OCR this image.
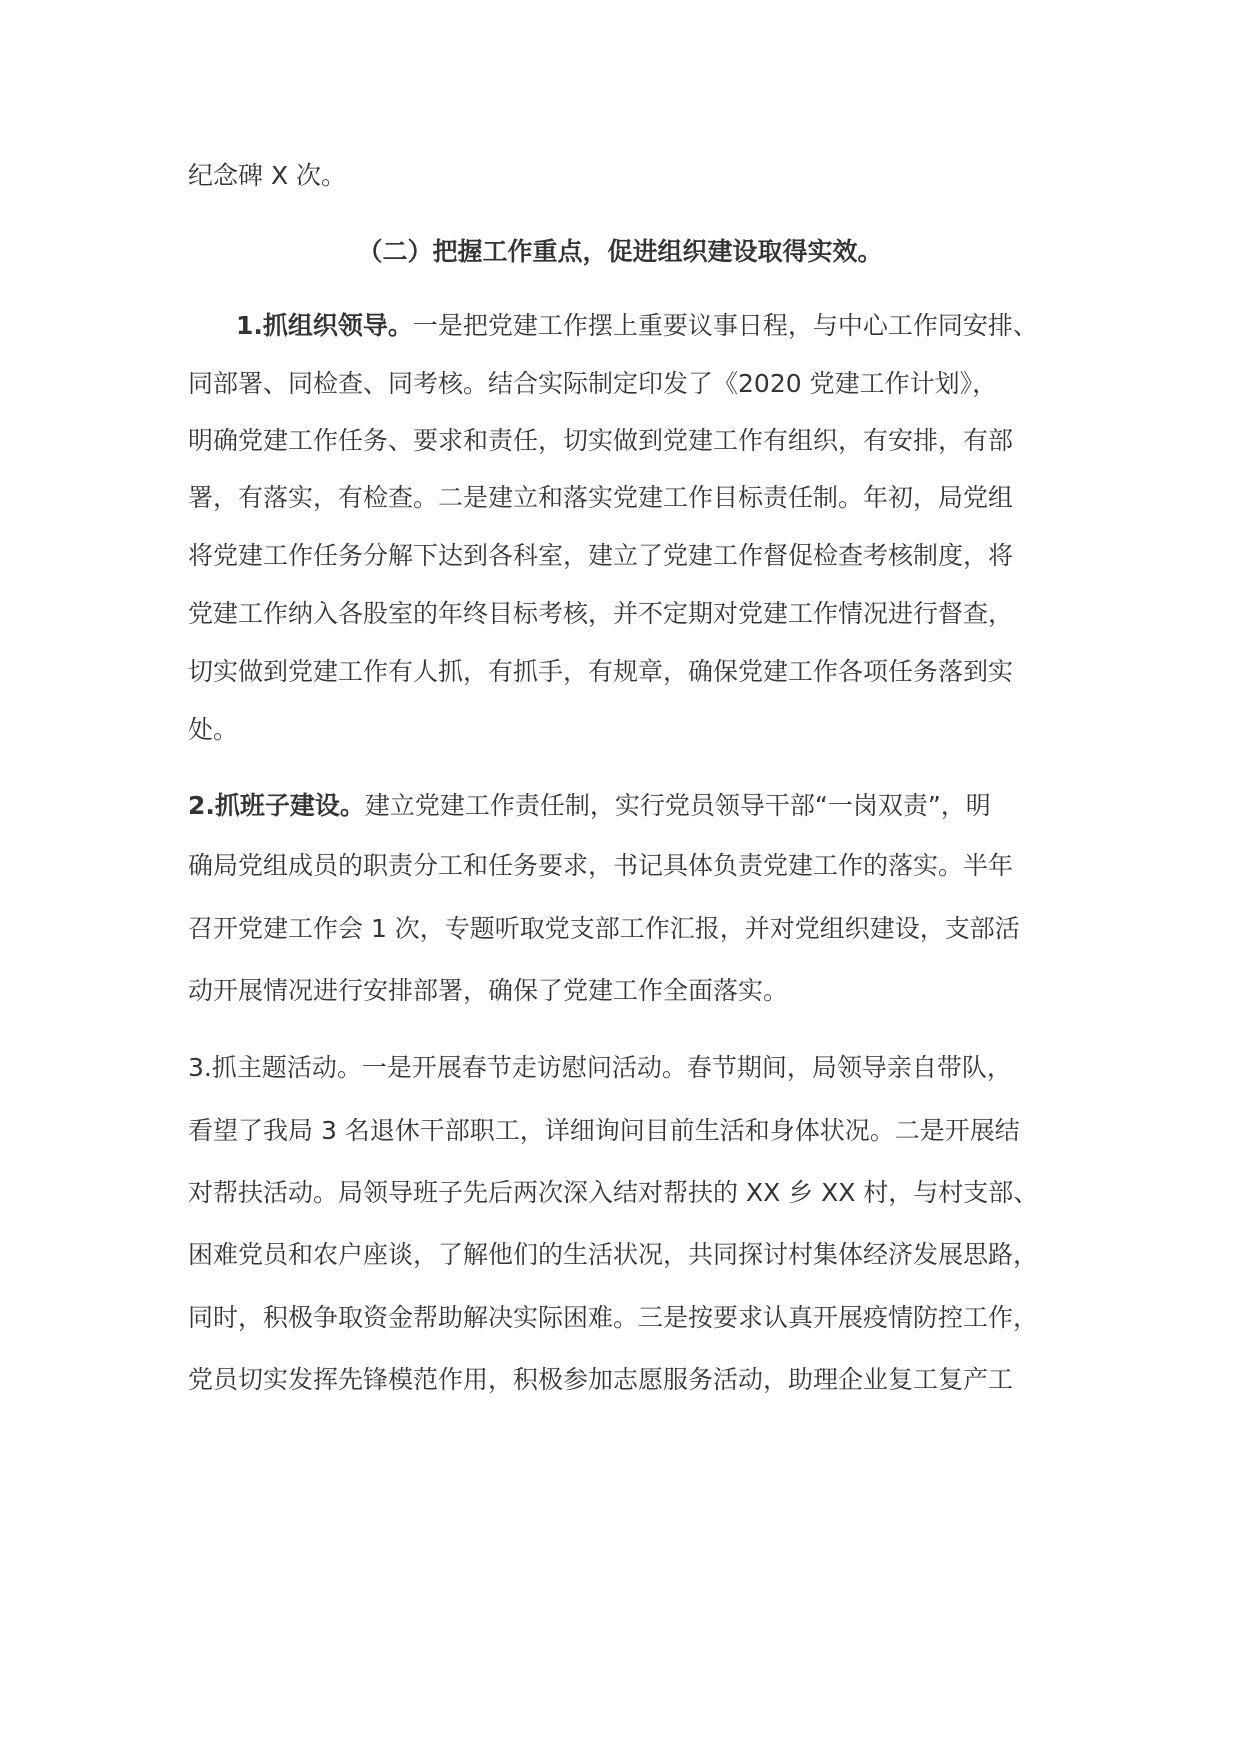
纪念碑 X 次。

（二）把握工作重点，促进组织建设取得实效。

1.抓组织领导。一是把党建工作摆上重要议事日程，与中心工作同安排、

同部署、同检查、同考核。结合实际制定印发了《2020 党建工作计划》，

明确党建工作任务、要求和责任，切实做到党建工作有组织，有安排，有部

署，有落实，有检查。二是建立和落实党建工作目标责任制。年初，局党组

将党建工作任务分解下达到各科室，建立了党建工作督促检查考核制度，将

党建工作纳入各股室的年终目标考核，并不定期对党建工作情况进行督查，

切实做到党建工作有人抓，有抓手，有规章，确保党建工作各项任务落到实

处。

2.抓班子建设。建立党建工作责任制，实行党员领导干部“一岗双责”，明

确局党组成员的职责分工和任务要求，书记具体负责党建工作的落实。半年

召开党建工作会 1 次，专题听取党支部工作汇报，并对党组织建设，支部活

动开展情况进行安排部署，确保了党建工作全面落实。

3.抓主题活动。一是开展春节走访慰问活动。春节期间，局领导亲自带队，

看望了我局 3 名退休干部职工，详细询问目前生活和身体状况。二是开展结

对帮扶活动。局领导班子先后两次深入结对帮扶的 XX 乡 XX 村，与村支部、

困难党员和农户座谈，了解他们的生活状况，共同探讨村集体经济发展思路，

同时，积极争取资金帮助解决实际困难。三是按要求认真开展疫情防控工作，

党员切实发挥先锋模范作用，积极参加志愿服务活动，助理企业复工复产工
